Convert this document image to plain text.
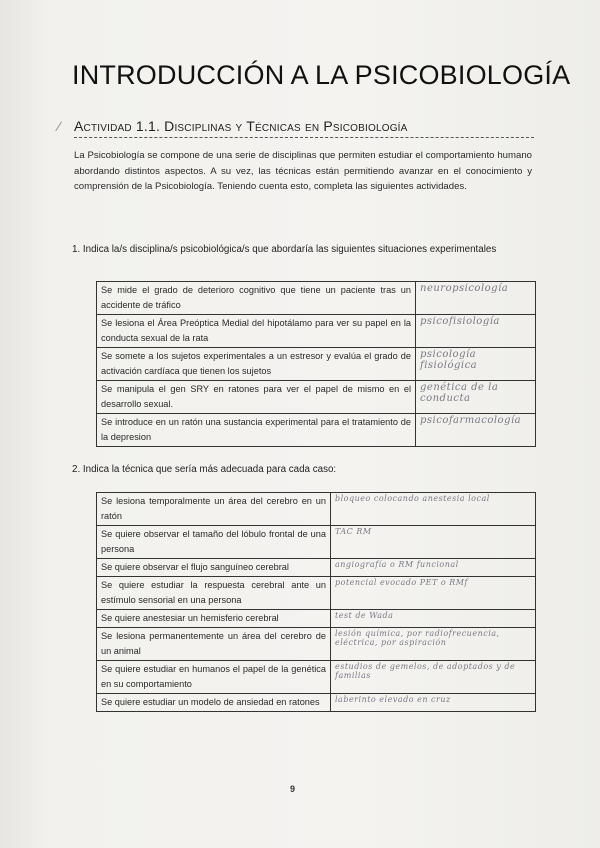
INTRODUCCIÓN A LA PSICOBIOLOGÍA
⁄ Actividad 1.1. Disciplinas y Técnicas en Psicobiología
La Psicobiología se compone de una serie de disciplinas que permiten estudiar el comportamiento humano abordando distintos aspectos. A su vez, las técnicas están permitiendo avanzar en el conocimiento y comprensión de la Psicobiología. Teniendo cuenta esto, completa las siguientes actividades.
1. Indica la/s disciplina/s psicobiológica/s que abordaría las siguientes situaciones experimentales
Se mide el grado de deterioro cognitivo que tiene un paciente tras un accidente de tráfico	neuropsicología
Se lesiona el Área Preóptica Medial del hipotálamo para ver su papel en la conducta sexual de la rata	psicofisiología
Se somete a los sujetos experimentales a un estresor y evalúa el grado de activación cardíaca que tienen los sujetos	psicología fisiológica
Se manipula el gen SRY en ratones para ver el papel de mismo en el desarrollo sexual.	genética de la conducta
Se introduce en un ratón una sustancia experimental para el tratamiento de la depresion	psicofarmacología
2. Indica la técnica que sería más adecuada para cada caso:
Se lesiona temporalmente un área del cerebro en un ratón	bloqueo colocando anestesia local
Se quiere observar el tamaño del lóbulo frontal de una persona	TAC RM
Se quiere observar el flujo sanguíneo cerebral	angiografía o RM funcional
Se quiere estudiar la respuesta cerebral ante un estímulo sensorial en una persona	potencial evocado PET o RMf
Se quiere anestesiar un hemisferio cerebral	test de Wada
Se lesiona permanentemente un área del cerebro de un animal	lesión química, por radiofrecuencia, eléctrica, por aspiración
Se quiere estudiar en humanos el papel de la genética en su comportamiento	estudios de gemelos, de adoptados y de familias
Se quiere estudiar un modelo de ansiedad en ratones	laberinto elevado en cruz
9
